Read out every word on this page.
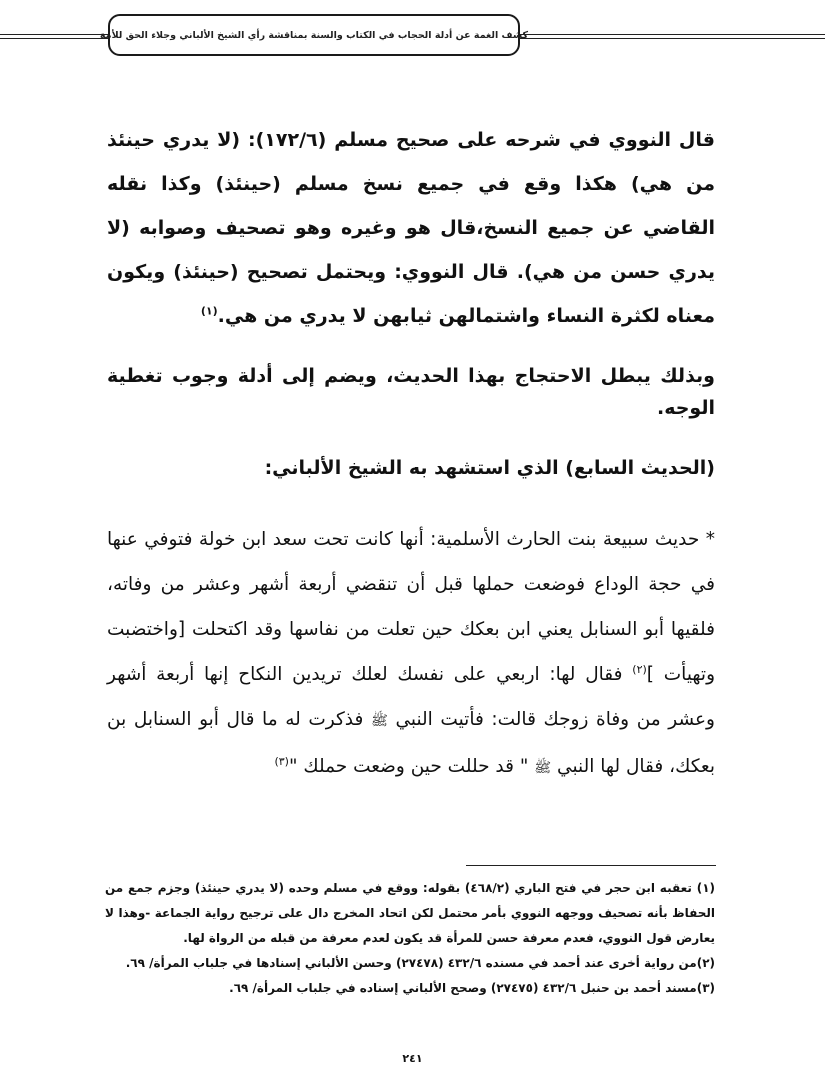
كشف الغمة عن أدلة الحجاب في الكتاب والسنة بمناقشة رأي الشيخ الألباني وجلاء الحق للأمة

قال النووي في شرحه على صحيح مسلم (١٧٢/٦): (لا يدري حينئذ من هي) هكذا وقع في جميع نسخ مسلم (حينئذ) وكذا نقله القاضي عن جميع النسخ،قال هو وغيره وهو تصحيف وصوابه (لا يدري حسن من هي). قال النووي: ويحتمل تصحيح (حينئذ) ويكون معناه لكثرة النساء واشتمالهن ثيابهن لا يدري من هي.$^{(١)}$

وبذلك يبطل الاحتجاج بهذا الحديث، ويضم إلى أدلة وجوب تغطية الوجه.

(الحديث السابع) الذي استشهد به الشيخ الألباني:

* حديث سبيعة بنت الحارث الأسلمية: أنها كانت تحت سعد ابن خولة فتوفي عنها في حجة الوداع فوضعت حملها قبل أن تنقضي أربعة أشهر وعشر من وفاته، فلقيها أبو السنابل يعني ابن بعكك حين تعلت من نفاسها وقد اكتحلت [واختضبت وتهيأت ]$^{(٢)}$ فقال لها: اربعي على نفسك لعلك تريدين النكاح إنها أربعة أشهر وعشر من وفاة زوجك قالت: فأتيت النبي ﷺ فذكرت له ما قال أبو السنابل بن بعكك، فقال لها النبي ﷺ " قد حللت حين وضعت حملك "$^{(٣)}$

(١) تعقبه ابن حجر في فتح الباري (٤٦٨/٢) بقوله: ووقع في مسلم وحده (لا يدري حينئذ) وجزم جمع من الحفاظ بأنه تصحيف ووجهه النووي بأمر محتمل لكن اتحاد المخرج دال على ترجيح رواية الجماعة -وهذا لا يعارض قول النووي، فعدم معرفة حسن للمرأة قد يكون لعدم معرفة من قبله من الرواة لها.

(٢)من رواية أخرى عند أحمد في مسنده ٤٣٢/٦ (٢٧٤٧٨) وحسن الألباني إسنادها في جلباب المرأة/ ٦٩.

(٣)مسند أحمد بن حنبل ٤٣٢/٦ (٢٧٤٧٥) وصحح الألباني إسناده في جلباب المرأة/ ٦٩.

٢٤١
